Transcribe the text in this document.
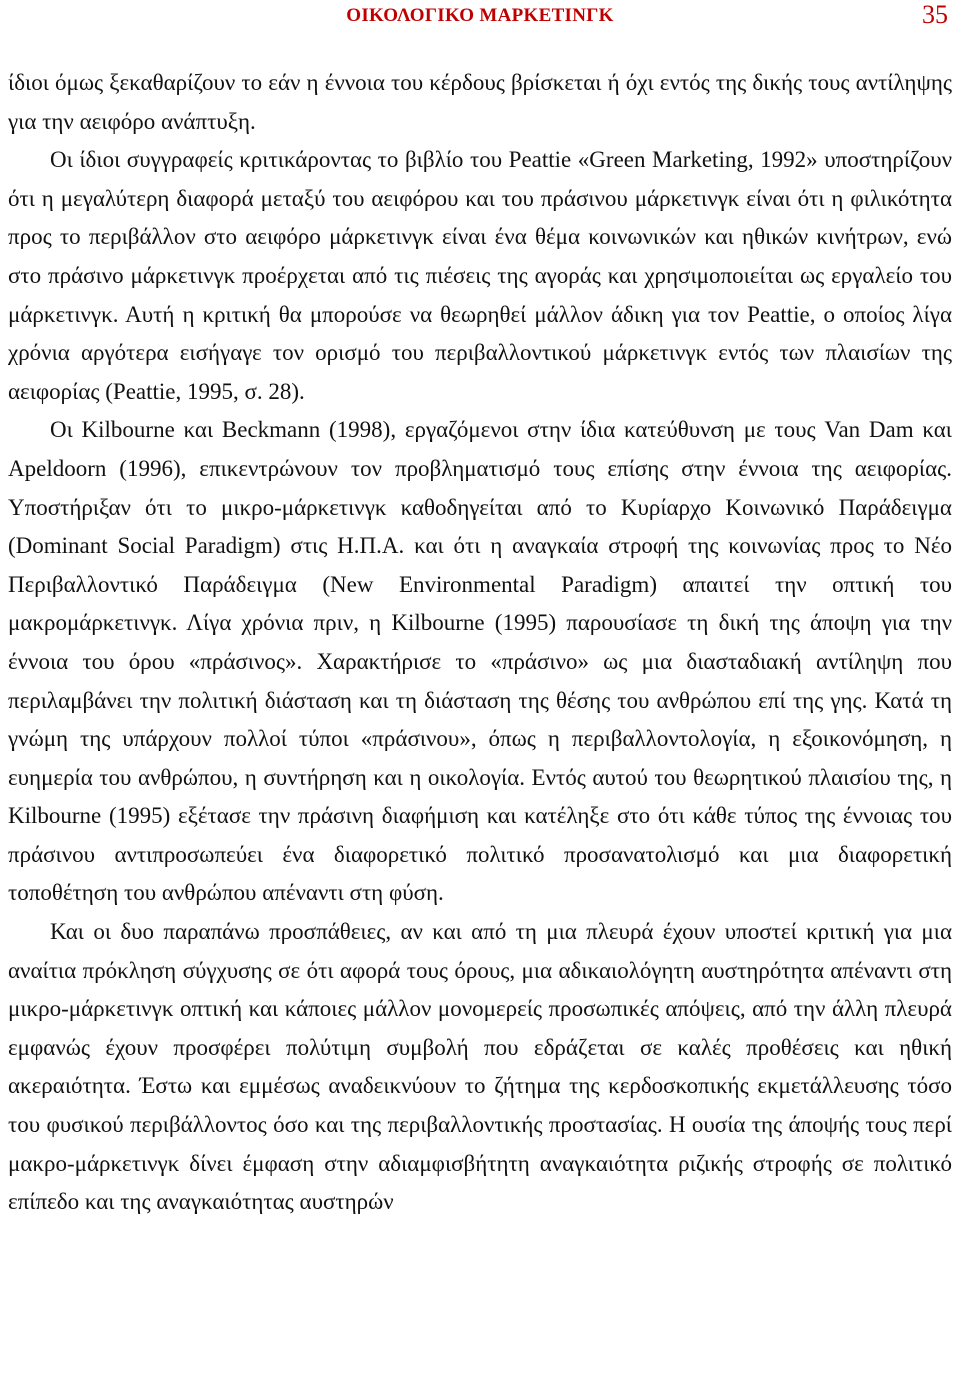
ΟΙΚΟΛΟΓΙΚΟ ΜΑΡΚΕΤΙΝΓΚ	35

ίδιοι όμως ξεκαθαρίζουν το εάν η έννοια του κέρδους βρίσκεται ή όχι εντός της δικής τους αντίληψης για την αειφόρο ανάπτυξη.

Οι ίδιοι συγγραφείς κριτικάροντας το βιβλίο του Peattie «Green Marketing, 1992» υποστηρίζουν ότι η μεγαλύτερη διαφορά μεταξύ του αειφόρου και του πράσινου μάρκετινγκ είναι ότι η φιλικότητα προς το περιβάλλον στο αειφόρο μάρκετινγκ είναι ένα θέμα κοινωνικών και ηθικών κινήτρων, ενώ στο πράσινο μάρκετινγκ προέρχεται από τις πιέσεις της αγοράς και χρησιμοποιείται ως εργαλείο του μάρκετινγκ. Αυτή η κριτική θα μπορούσε να θεωρηθεί μάλλον άδικη για τον Peattie, ο οποίος λίγα χρόνια αργότερα εισήγαγε τον ορισμό του περιβαλλοντικού μάρκετινγκ εντός των πλαισίων της αειφορίας (Peattie, 1995, σ. 28).

Οι Kilbourne και Beckmann (1998), εργαζόμενοι στην ίδια κατεύθυνση με τους Van Dam και Apeldoorn (1996), επικεντρώνουν τον προβληματισμό τους επίσης στην έννοια της αειφορίας. Υποστήριξαν ότι το μικρο-μάρκετινγκ καθοδηγείται από το Κυρίαρχο Κοινωνικό Παράδειγμα (Dominant Social Paradigm) στις Η.Π.Α. και ότι η αναγκαία στροφή της κοινωνίας προς το Νέο Περιβαλλοντικό Παράδειγμα (New Environmental Paradigm) απαιτεί την οπτική του μακρομάρκετινγκ. Λίγα χρόνια πριν, η Kilbourne (1995) παρουσίασε τη δική της άποψη για την έννοια του όρου «πράσινος». Χαρακτήρισε το «πράσινο» ως μια διασταδιακή αντίληψη που περιλαμβάνει την πολιτική διάσταση και τη διάσταση της θέσης του ανθρώπου επί της γης. Κατά τη γνώμη της υπάρχουν πολλοί τύποι «πράσινου», όπως η περιβαλλοντολογία, η εξοικονόμηση, η ευημερία του ανθρώπου, η συντήρηση και η οικολογία. Εντός αυτού του θεωρητικού πλαισίου της, η Kilbourne (1995) εξέτασε την πράσινη διαφήμιση και κατέληξε στο ότι κάθε τύπος της έννοιας του πράσινου αντιπροσωπεύει ένα διαφορετικό πολιτικό προσανατολισμό και μια διαφορετική τοποθέτηση του ανθρώπου απέναντι στη φύση.

Και οι δυο παραπάνω προσπάθειες, αν και από τη μια πλευρά έχουν υποστεί κριτική για μια αναίτια πρόκληση σύγχυσης σε ότι αφορά τους όρους, μια αδικαιολόγητη αυστηρότητα απέναντι στη μικρο-μάρκετινγκ οπτική και κάποιες μάλλον μονομερείς προσωπικές απόψεις, από την άλλη πλευρά εμφανώς έχουν προσφέρει πολύτιμη συμβολή που εδράζεται σε καλές προθέσεις και ηθική ακεραιότητα. Έστω και εμμέσως αναδεικνύουν το ζήτημα της κερδοσκοπικής εκμετάλλευσης τόσο του φυσικού περιβάλλοντος όσο και της περιβαλλοντικής προστασίας. Η ουσία της άποψής τους περί μακρο-μάρκετινγκ δίνει έμφαση στην αδιαμφισβήτητη αναγκαιότητα ριζικής στροφής σε πολιτικό επίπεδο και της αναγκαιότητας αυστηρών
